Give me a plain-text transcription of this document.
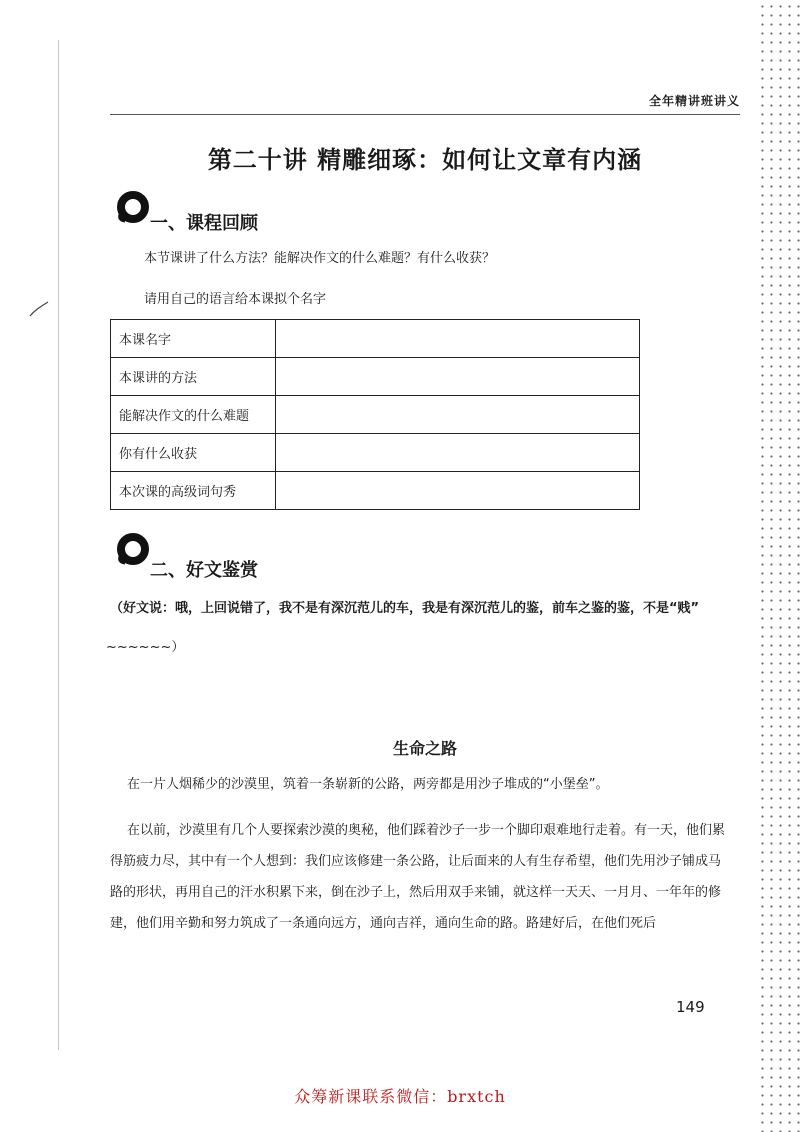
全年精讲班讲义
第二十讲 精雕细琢：如何让文章有内涵
一、课程回顾
本节课讲了什么方法？能解决作文的什么难题？有什么收获？
请用自己的语言给本课拟个名字
本课名字	
本课讲的方法	
能解决作文的什么难题	
你有什么收获	
本次课的高级词句秀	
二、好文鉴赏
（好文说：哦，上回说错了，我不是有深沉范儿的车，我是有深沉范儿的鉴，前车之鉴的鉴，不是“贱”
~~~~~~）
生命之路
在一片人烟稀少的沙漠里，筑着一条崭新的公路，两旁都是用沙子堆成的“小堡垒”。
在以前，沙漠里有几个人要探索沙漠的奥秘，他们踩着沙子一步一个脚印艰难地行走着。有一天，他们累得筋疲力尽，其中有一个人想到：我们应该修建一条公路，让后面来的人有生存希望，他们先用沙子铺成马路的形状，再用自己的汗水积累下来，倒在沙子上，然后用双手来铺，就这样一天天、一月月、一年年的修建，他们用辛勤和努力筑成了一条通向远方，通向吉祥，通向生命的路。路建好后，在他们死后
149
众筹新课联系微信：brxtch
